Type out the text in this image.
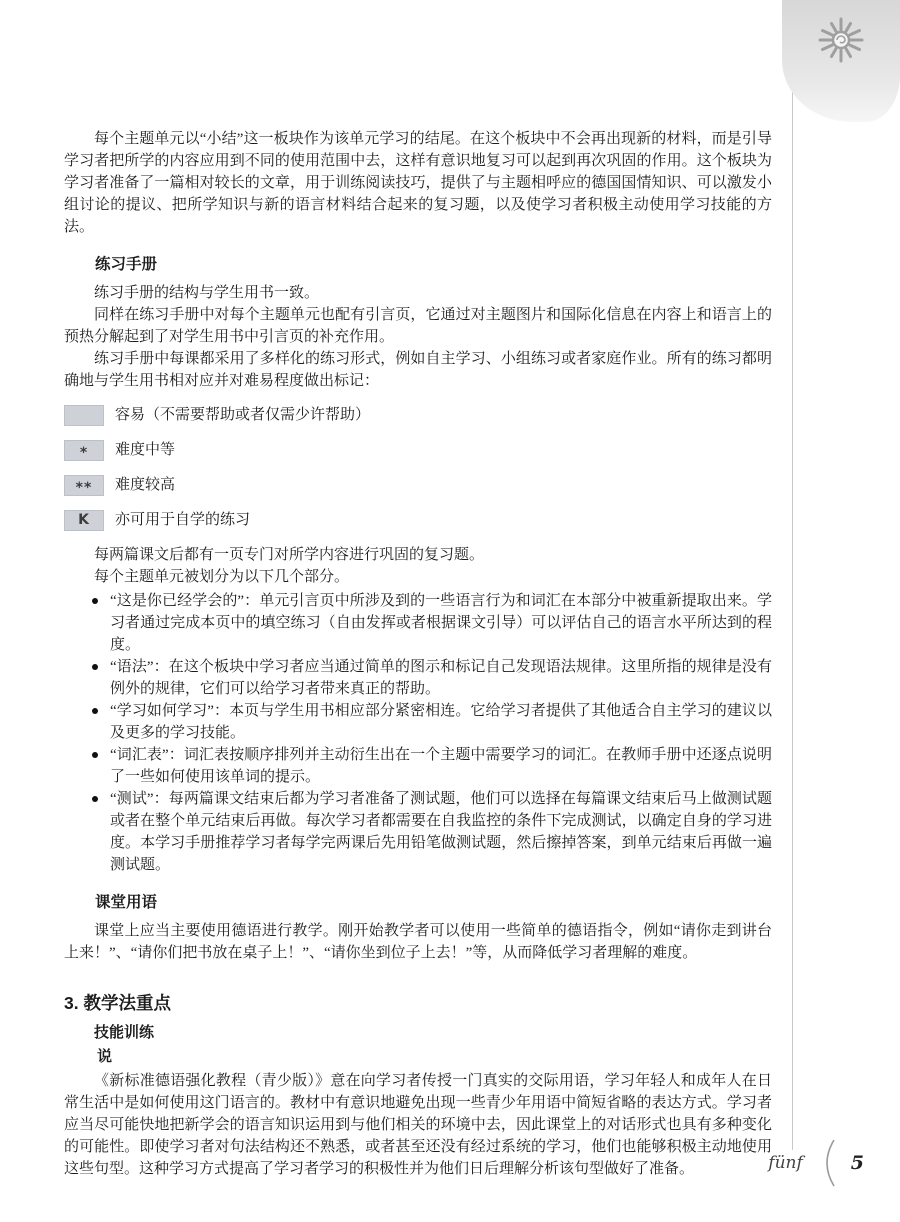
每个主题单元以“小结”这一板块作为该单元学习的结尾。在这个板块中不会再出现新的材料，而是引导学习者把所学的内容应用到不同的使用范围中去，这样有意识地复习可以起到再次巩固的作用。这个板块为学习者准备了一篇相对较长的文章，用于训练阅读技巧，提供了与主题相呼应的德国国情知识、可以激发小组讨论的提议、把所学知识与新的语言材料结合起来的复习题，以及使学习者积极主动使用学习技能的方法。

练习手册

练习手册的结构与学生用书一致。

同样在练习手册中对每个主题单元也配有引言页，它通过对主题图片和国际化信息在内容上和语言上的预热分解起到了对学生用书中引言页的补充作用。

练习手册中每课都采用了多样化的练习形式，例如自主学习、小组练习或者家庭作业。所有的练习都明确地与学生用书相对应并对难易程度做出标记：

容易（不需要帮助或者仅需少许帮助）
* 难度中等
** 难度较高
K 亦可用于自学的练习

每两篇课文后都有一页专门对所学内容进行巩固的复习题。

每个主题单元被划分为以下几个部分。

“这是你已经学会的”：单元引言页中所涉及到的一些语言行为和词汇在本部分中被重新提取出来。学习者通过完成本页中的填空练习（自由发挥或者根据课文引导）可以评估自己的语言水平所达到的程度。
“语法”：在这个板块中学习者应当通过简单的图示和标记自己发现语法规律。这里所指的规律是没有例外的规律，它们可以给学习者带来真正的帮助。
“学习如何学习”：本页与学生用书相应部分紧密相连。它给学习者提供了其他适合自主学习的建议以及更多的学习技能。
“词汇表”：词汇表按顺序排列并主动衍生出在一个主题中需要学习的词汇。在教师手册中还逐点说明了一些如何使用该单词的提示。
“测试”：每两篇课文结束后都为学习者准备了测试题，他们可以选择在每篇课文结束后马上做测试题或者在整个单元结束后再做。每次学习者都需要在自我监控的条件下完成测试，以确定自身的学习进度。本学习手册推荐学习者每学完两课后先用铅笔做测试题，然后擦掉答案，到单元结束后再做一遍测试题。
课堂用语

课堂上应当主要使用德语进行教学。刚开始教学者可以使用一些简单的德语指令，例如“请你走到讲台上来！”、“请你们把书放在桌子上！”、“请你坐到位子上去！”等，从而降低学习者理解的难度。

3. 教学法重点
技能训练
说

《新标准德语强化教程（青少版）》意在向学习者传授一门真实的交际用语，学习年轻人和成年人在日常生活中是如何使用这门语言的。教材中有意识地避免出现一些青少年用语中简短省略的表达方式。学习者应当尽可能快地把新学会的语言知识运用到与他们相关的环境中去，因此课堂上的对话形式也具有多种变化的可能性。即使学习者对句法结构还不熟悉，或者甚至还没有经过系统的学习，他们也能够积极主动地使用这些句型。这种学习方式提高了学习者学习的积极性并为他们日后理解分析该句型做好了准备。	fünf	5
